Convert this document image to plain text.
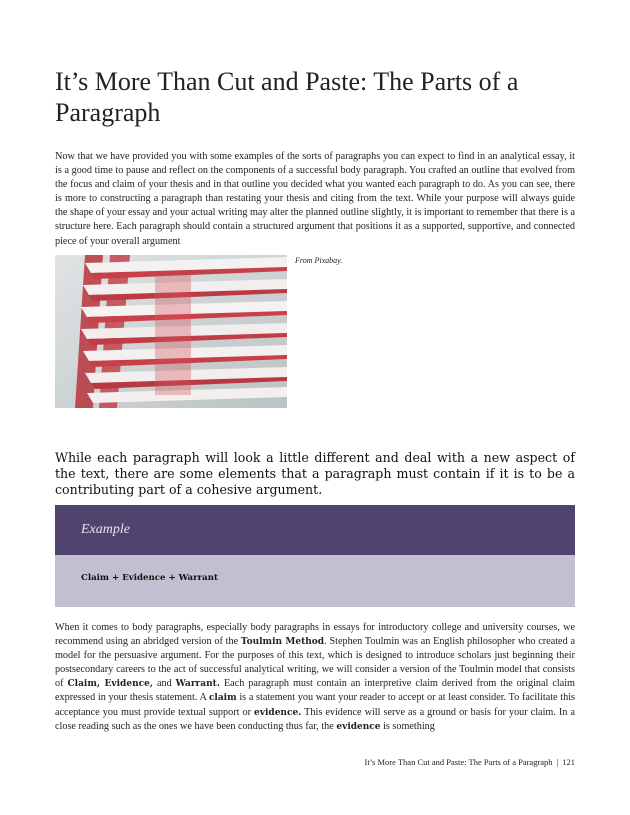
It’s More Than Cut and Paste: The Parts of a Paragraph

Now that we have provided you with some examples of the sorts of paragraphs you can expect to find in an analytical essay, it is a good time to pause and reflect on the components of a successful body paragraph. You crafted an outline that evolved from the focus and claim of your thesis and in that outline you decided what you wanted each paragraph to do. As you can see, there is more to constructing a paragraph than restating your thesis and citing from the text. While your purpose will always guide the shape of your essay and your actual writing may alter the planned outline slightly, it is important to remember that there is a structure here. Each paragraph should contain a structured argument that positions it as a supported, supportive, and connected piece of your overall argument

From Pixabay.

While each paragraph will look a little different and deal with a new aspect of the text, there are some elements that a paragraph must contain if it is to be a contributing part of a cohesive argument.

Example
Claim + Evidence + Warrant

When it comes to body paragraphs, especially body paragraphs in essays for introductory college and university courses, we recommend using an abridged version of the Toulmin Method. Stephen Toulmin was an English philosopher who created a model for the persuasive argument. For the purposes of this text, which is designed to introduce scholars just beginning their postsecondary careers to the act of successful analytical writing, we will consider a version of the Toulmin model that consists of Claim, Evidence, and Warrant. Each paragraph must contain an interpretive claim derived from the original claim expressed in your thesis statement. A claim is a statement you want your reader to accept or at least consider. To facilitate this acceptance you must provide textual support or evidence. This evidence will serve as a ground or basis for your claim. In a close reading such as the ones we have been conducting thus far, the evidence is something

It’s More Than Cut and Paste: The Parts of a Paragraph | 121
